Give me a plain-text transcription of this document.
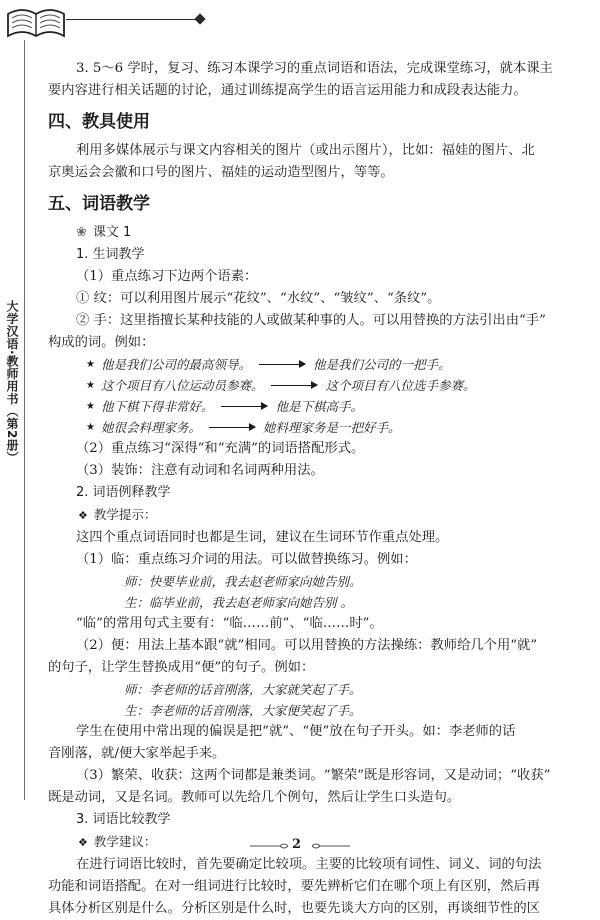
大学汉语·教师用书（第2册）

3. 5～6 学时，复习、练习本课学习的重点词语和语法，完成课堂练习，就本课主

要内容进行相关话题的讨论，通过训练提高学生的语言运用能力和成段表达能力。

四、教具使用

利用多媒体展示与课文内容相关的图片（或出示图片），比如：福娃的图片、北

京奥运会会徽和口号的图片、福娃的运动造型图片，等等。

五、词语教学
❀ 课文 1
1. 生词教学

（1）重点练习下边两个语素：

① 纹：可以利用图片展示“花纹”、“水纹”、“皱纹”、“条纹”。

② 手：这里指擅长某种技能的人或做某种事的人。可以用替换的方法引出由“手”

构成的词。例如：

★ 他是我们公司的最高领导。	他是我们公司的一把手。
★ 这个项目有八位运动员参赛。	这个项目有八位选手参赛。
★ 他下棋下得非常好。	他是下棋高手。
★ 她很会料理家务。	她料理家务是一把好手。

（2）重点练习“深得”和“充满”的词语搭配形式。

（3）装饰：注意有动词和名词两种用法。

2. 词语例释教学
❖ 教学提示：

这四个重点词语同时也都是生词，建议在生词环节作重点处理。

（1）临：重点练习介词的用法。可以做替换练习。例如：

师：快要毕业前，我去赵老师家向她告别。
生：临毕业前，我去赵老师家向她告别 。

“临”的常用句式主要有：“临……前”、“临……时”。

（2）便：用法上基本跟“就”相同。可以用替换的方法操练：教师给几个用“就”

的句子，让学生替换成用“便”的句子。例如：

师：李老师的话音刚落，大家就笑起了手。
生：李老师的话音刚落，大家便笑起了手。

学生在使用中常出现的偏误是把“就”、“便”放在句子开头。如：李老师的话

音刚落，就/便大家举起手来。

（3）繁荣、收获：这两个词都是兼类词。“繁荣”既是形容词，又是动词；“收获”

既是动词，又是名词。教师可以先给几个例句，然后让学生口头造句。

3. 词语比较教学
❖ 教学建议：

在进行词语比较时，首先要确定比较项。主要的比较项有词性、词义、词的句法

功能和词语搭配。在对一组词进行比较时，要先辨析它们在哪个项上有区别，然后再

具体分析区别是什么。分析区别是什么时，也要先谈大方向的区别，再谈细节性的区

2
